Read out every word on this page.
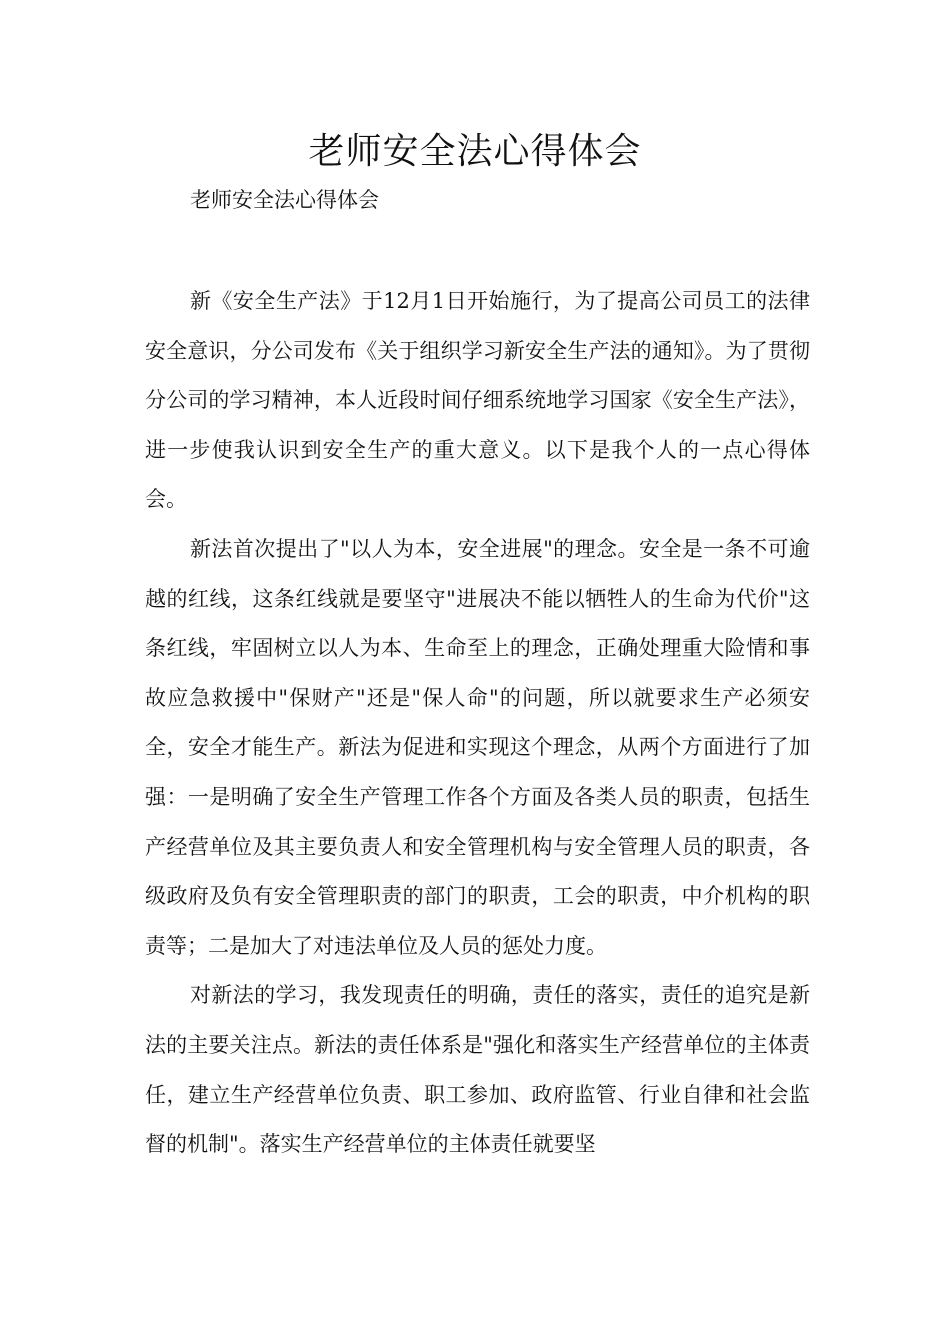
老师安全法心得体会

老师安全法心得体会

新《安全生产法》于12月1日开始施行，为了提高公司员工的法律安全意识，分公司发布《关于组织学习新安全生产法的通知》。为了贯彻分公司的学习精神，本人近段时间仔细系统地学习国家《安全生产法》，进一步使我认识到安全生产的重大意义。以下是我个人的一点心得体会。

新法首次提出了"以人为本，安全进展"的理念。安全是一条不可逾越的红线，这条红线就是要坚守"进展决不能以牺牲人的生命为代价"这条红线，牢固树立以人为本、生命至上的理念，正确处理重大险情和事故应急救援中"保财产"还是"保人命"的问题，所以就要求生产必须安全，安全才能生产。新法为促进和实现这个理念，从两个方面进行了加强：一是明确了安全生产管理工作各个方面及各类人员的职责，包括生产经营单位及其主要负责人和安全管理机构与安全管理人员的职责，各级政府及负有安全管理职责的部门的职责，工会的职责，中介机构的职责等；二是加大了对违法单位及人员的惩处力度。

对新法的学习，我发现责任的明确，责任的落实，责任的追究是新法的主要关注点。新法的责任体系是"强化和落实生产经营单位的主体责任，建立生产经营单位负责、职工参加、政府监管、行业自律和社会监督的机制"。落实生产经营单位的主体责任就要坚
